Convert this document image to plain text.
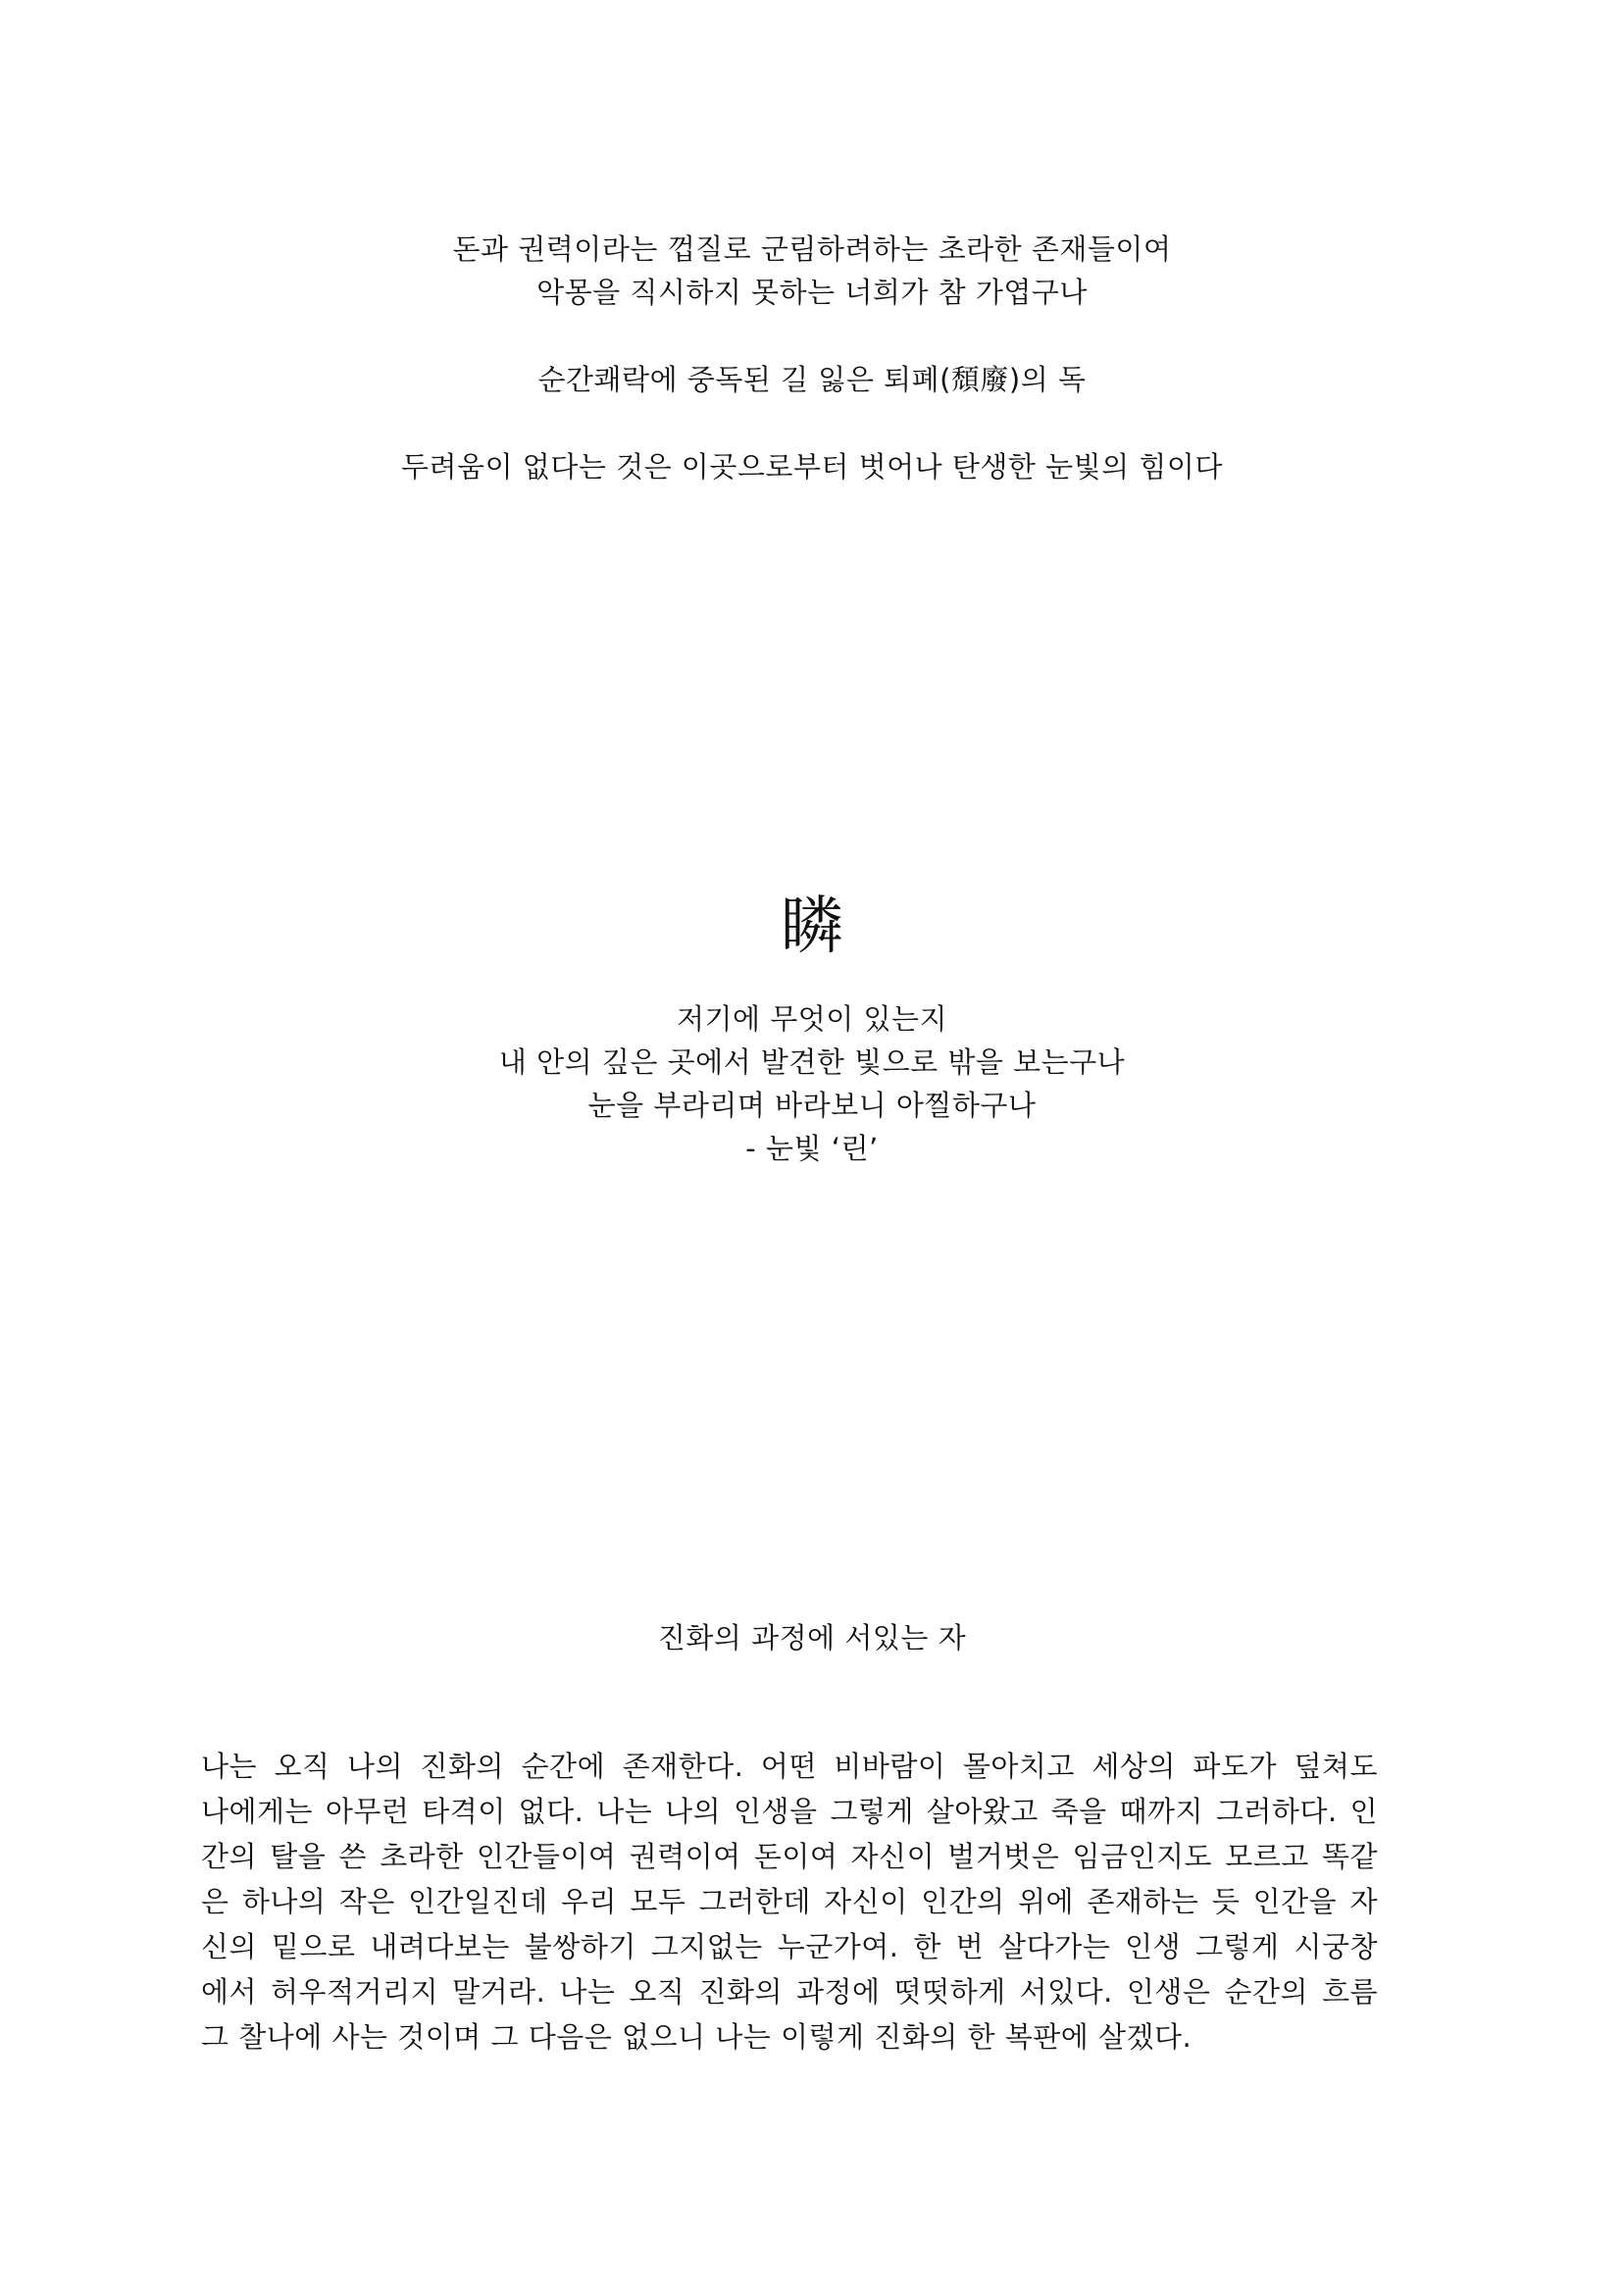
돈과 권력이라는 껍질로 군림하려하는 초라한 존재들이여
악몽을 직시하지 못하는 너희가 참 가엽구나
순간쾌락에 중독된 길 잃은 퇴폐(頹廢)의 독
두려움이 없다는 것은 이곳으로부터 벗어나 탄생한 눈빛의 힘이다
瞵
저기에 무엇이 있는지
내 안의 깊은 곳에서 발견한 빛으로 밖을 보는구나
눈을 부라리며 바라보니 아찔하구나
- 눈빛 ‘린’
진화의 과정에 서있는 자
나는 오직 나의 진화의 순간에 존재한다. 어떤 비바람이 몰아치고 세상의 파도가 덮쳐도
나에게는 아무런 타격이 없다. 나는 나의 인생을 그렇게 살아왔고 죽을 때까지 그러하다. 인
간의 탈을 쓴 초라한 인간들이여 권력이여 돈이여 자신이 벌거벗은 임금인지도 모르고 똑같
은 하나의 작은 인간일진데 우리 모두 그러한데 자신이 인간의 위에 존재하는 듯 인간을 자
신의 밑으로 내려다보는 불쌍하기 그지없는 누군가여. 한 번 살다가는 인생 그렇게 시궁창
에서 허우적거리지 말거라. 나는 오직 진화의 과정에 떳떳하게 서있다. 인생은 순간의 흐름
그 찰나에 사는 것이며 그 다음은 없으니 나는 이렇게 진화의 한 복판에 살겠다.
